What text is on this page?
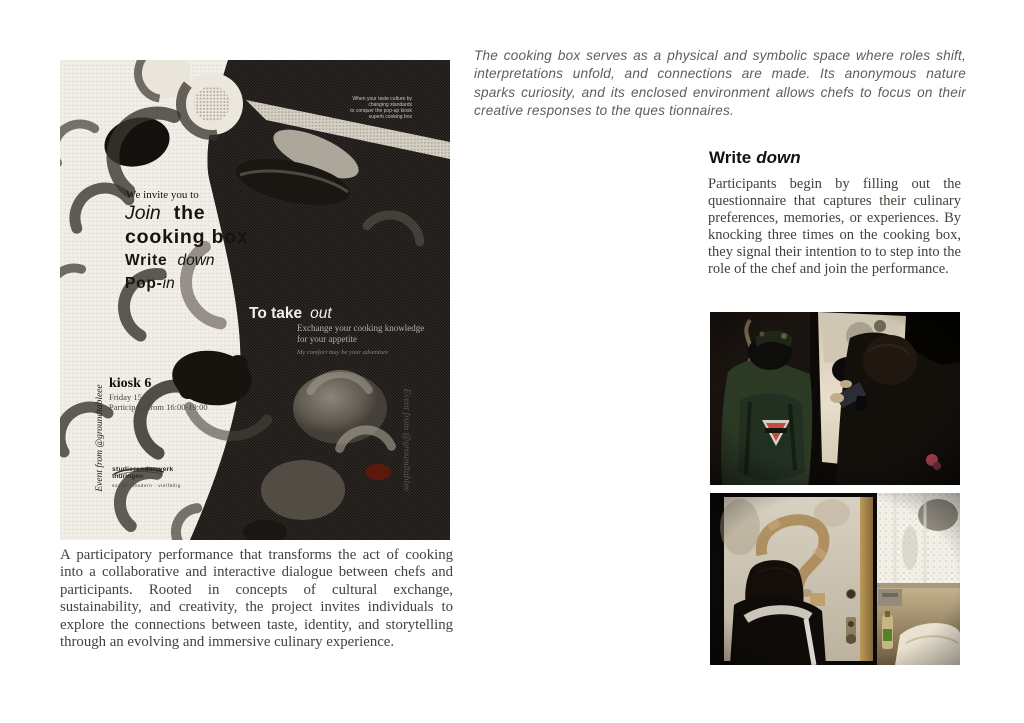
When your taste culture by
changing standards
to conquer the pop-up kiosk
superb cooking box
We invite you to
Join the
cooking box
Write down
Pop-in
To take out
Exchange your cooking knowledge
for your appetite
My comfort may be your adventure
kiosk 6
Friday 15.11
Participate from 16:00-19:00
Event from @groundtableee	Event from @groundtablee
studierendenwerk
thüringen
sozial · modern · vielfältig
A participatory performance that transforms the act of cooking into a collaborative and interactive dialogue between chefs and participants. Rooted in concepts of cultural exchange, sustainability, and creativity, the project invites individuals to explore the connections between taste, identity, and storytelling through an evolving and immersive culinary experience.
The cooking box serves as a physical and symbolic space where roles shift, interpretations unfold, and connections are made. Its anonymous nature sparks curiosity, and its enclosed environment allows chefs to focus on their creative responses to the ques tionnaires.
Write down
Participants begin by filling out the questionnaire that captures their culinary preferences, memories, or experiences. By knocking three times on the cooking box, they signal their intention to to step into the role of the chef and join the performance.
